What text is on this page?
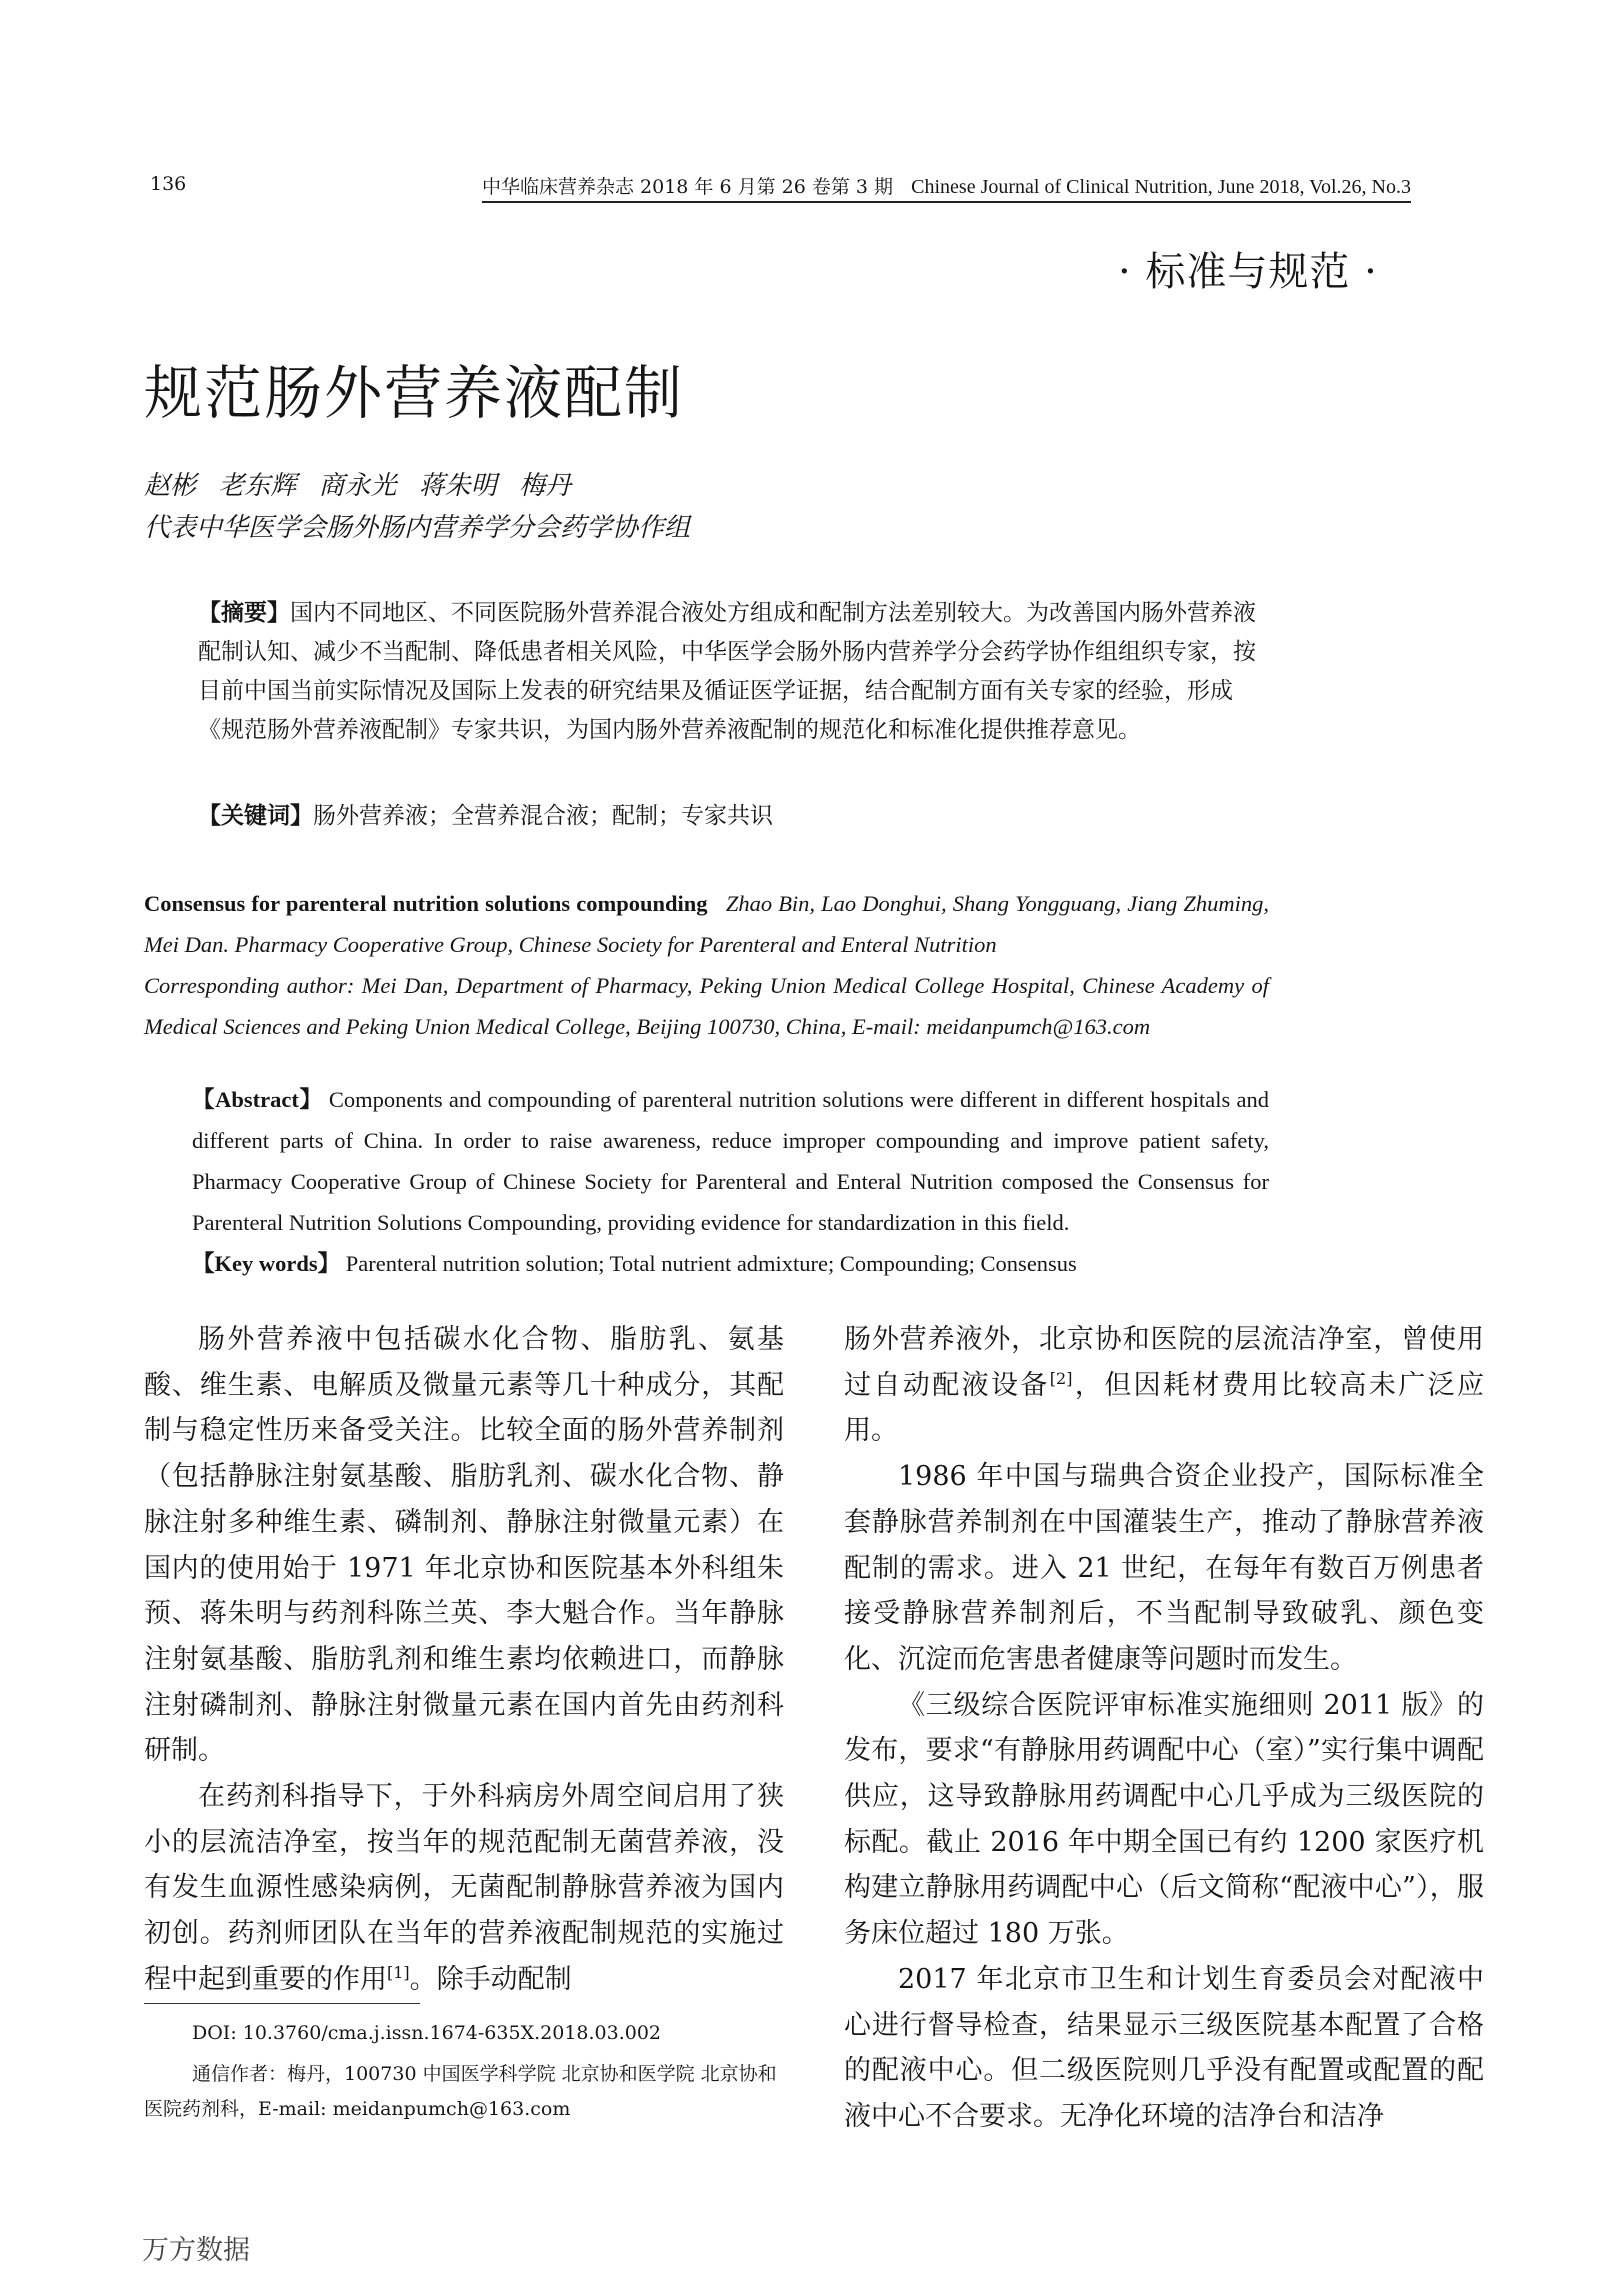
136	中华临床营养杂志 2018 年 6 月第 26 卷第 3 期 Chinese Journal of Clinical Nutrition, June 2018, Vol.26, No.3
· 标准与规范 ·
规范肠外营养液配制
赵彬 老东辉 商永光 蒋朱明 梅丹
代表中华医学会肠外肠内营养学分会药学协作组
【摘要】国内不同地区、不同医院肠外营养混合液处方组成和配制方法差别较大。为改善国内肠外营养液配制认知、减少不当配制、降低患者相关风险，中华医学会肠外肠内营养学分会药学协作组组织专家，按目前中国当前实际情况及国际上发表的研究结果及循证医学证据，结合配制方面有关专家的经验，形成《规范肠外营养液配制》专家共识，为国内肠外营养液配制的规范化和标准化提供推荐意见。
【关键词】肠外营养液；全营养混合液；配制；专家共识
Consensus for parenteral nutrition solutions compounding Zhao Bin, Lao Donghui, Shang Yongguang, Jiang Zhuming, Mei Dan. Pharmacy Cooperative Group, Chinese Society for Parenteral and Enteral Nutrition
Corresponding author: Mei Dan, Department of Pharmacy, Peking Union Medical College Hospital, Chinese Academy of Medical Sciences and Peking Union Medical College, Beijing 100730, China, E-mail: meidanpumch@163.com
【Abstract】 Components and compounding of parenteral nutrition solutions were different in different hospitals and different parts of China. In order to raise awareness, reduce improper compounding and improve patient safety, Pharmacy Cooperative Group of Chinese Society for Parenteral and Enteral Nutrition composed the Consensus for Parenteral Nutrition Solutions Compounding, providing evidence for standardization in this field.
【Key words】 Parenteral nutrition solution; Total nutrient admixture; Compounding; Consensus

肠外营养液中包括碳水化合物、脂肪乳、氨基酸、维生素、电解质及微量元素等几十种成分，其配制与稳定性历来备受关注。比较全面的肠外营养制剂（包括静脉注射氨基酸、脂肪乳剂、碳水化合物、静脉注射多种维生素、磷制剂、静脉注射微量元素）在国内的使用始于 1971 年北京协和医院基本外科组朱预、蒋朱明与药剂科陈兰英、李大魁合作。当年静脉注射氨基酸、脂肪乳剂和维生素均依赖进口，而静脉注射磷制剂、静脉注射微量元素在国内首先由药剂科研制。

在药剂科指导下，于外科病房外周空间启用了狭小的层流洁净室，按当年的规范配制无菌营养液，没有发生血源性感染病例，无菌配制静脉营养液为国内初创。药剂师团队在当年的营养液配制规范的实施过程中起到重要的作用[1]。除手动配制

肠外营养液外，北京协和医院的层流洁净室，曾使用过自动配液设备[2]，但因耗材费用比较高未广泛应用。

1986 年中国与瑞典合资企业投产，国际标准全套静脉营养制剂在中国灌装生产，推动了静脉营养液配制的需求。进入 21 世纪，在每年有数百万例患者接受静脉营养制剂后，不当配制导致破乳、颜色变化、沉淀而危害患者健康等问题时而发生。

《三级综合医院评审标准实施细则 2011 版》的发布，要求“有静脉用药调配中心（室）”实行集中调配供应，这导致静脉用药调配中心几乎成为三级医院的标配。截止 2016 年中期全国已有约 1200 家医疗机构建立静脉用药调配中心（后文简称“配液中心”），服务床位超过 180 万张。

2017 年北京市卫生和计划生育委员会对配液中心进行督导检查，结果显示三级医院基本配置了合格的配液中心。但二级医院则几乎没有配置或配置的配液中心不合要求。无净化环境的洁净台和洁净

DOI: 10.3760/cma.j.issn.1674-635X.2018.03.002
通信作者：梅丹，100730 中国医学科学院 北京协和医学院 北京协和医院药剂科，E-mail: meidanpumch@163.com
万方数据
